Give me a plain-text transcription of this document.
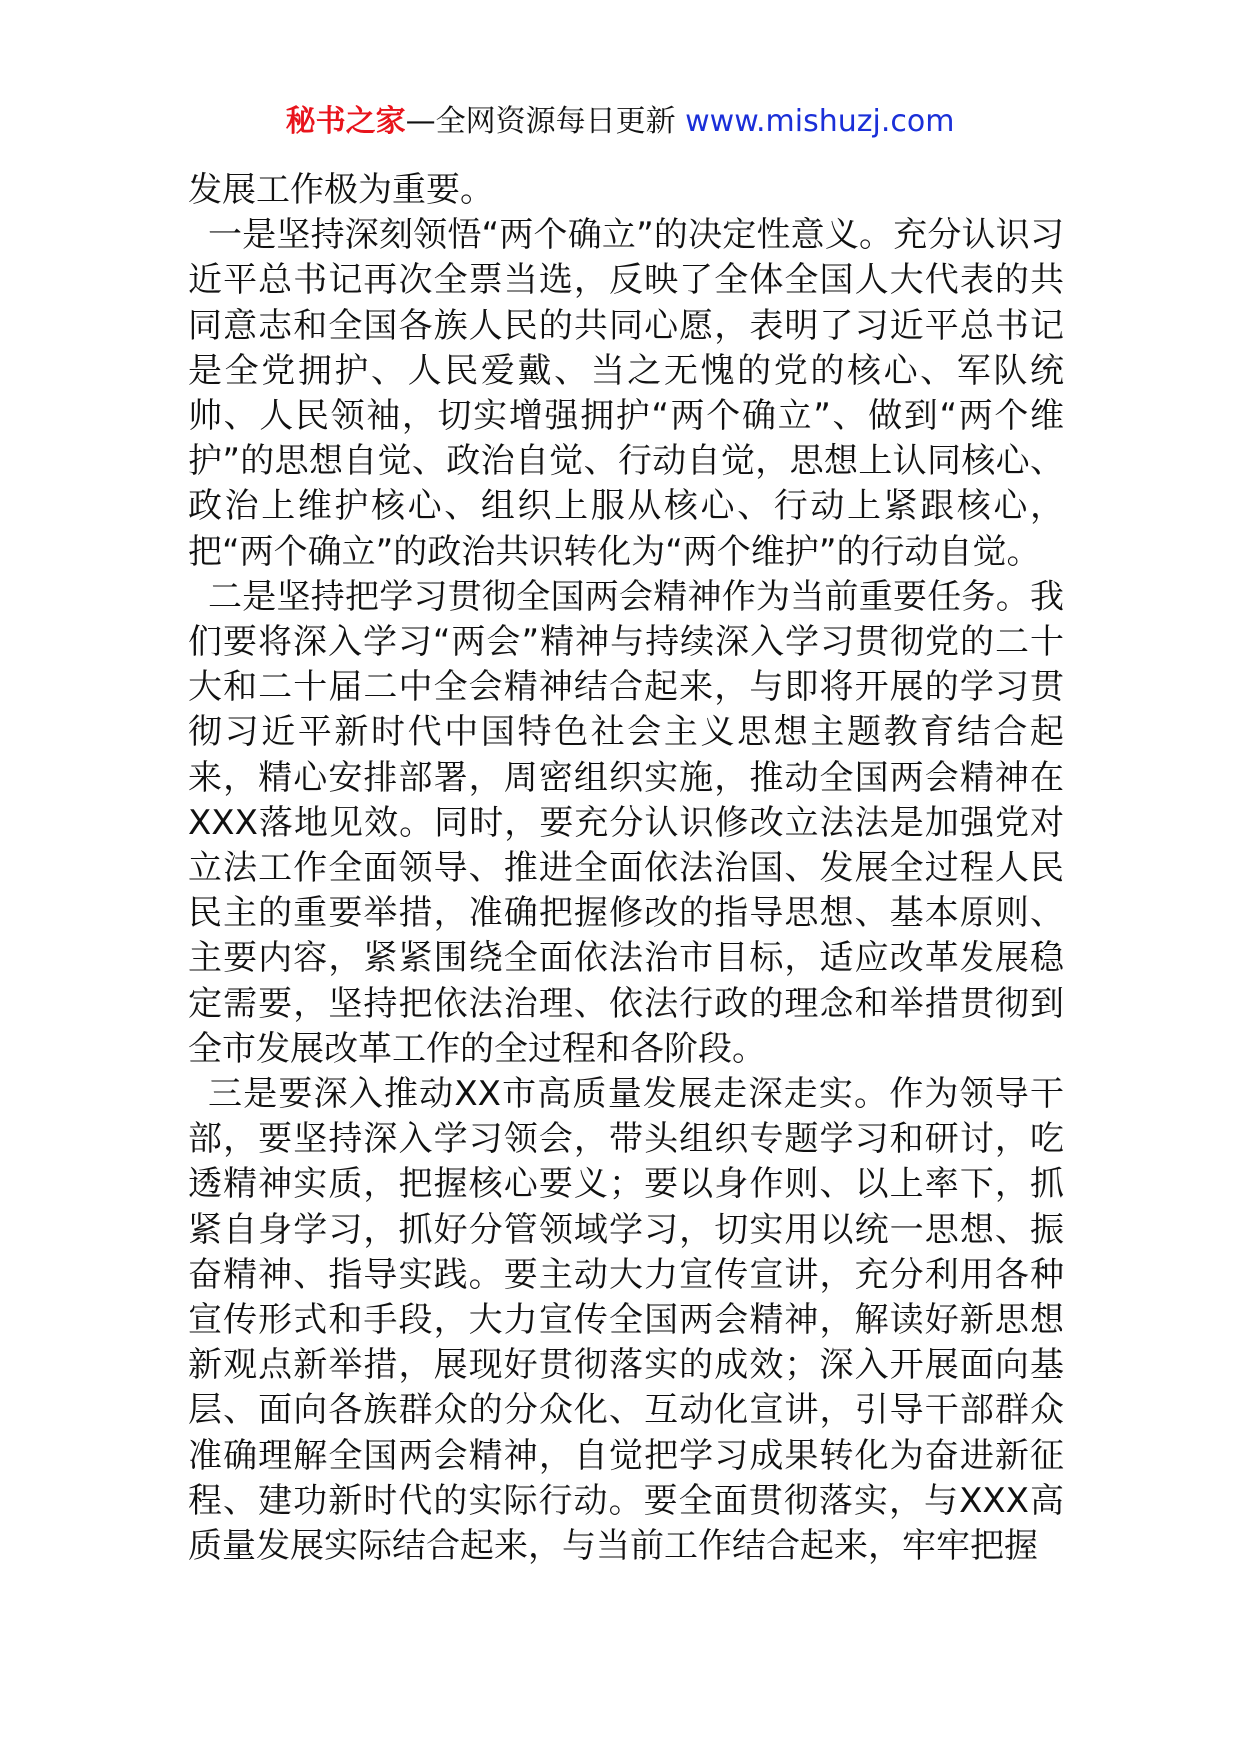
秘书之家—全网资源每日更新 www.mishuzj.com

发展工作极为重要。

一是坚持深刻领悟“两个确立”的决定性意义。充分认识习近平总书记再次全票当选，反映了全体全国人大代表的共同意志和全国各族人民的共同心愿，表明了习近平总书记是全党拥护、人民爱戴、当之无愧的党的核心、军队统帅、人民领袖，切实增强拥护“两个确立”、做到“两个维护”的思想自觉、政治自觉、行动自觉，思想上认同核心、政治上维护核心、组织上服从核心、行动上紧跟核心，把“两个确立”的政治共识转化为“两个维护”的行动自觉。

二是坚持把学习贯彻全国两会精神作为当前重要任务。我们要将深入学习“两会”精神与持续深入学习贯彻党的二十大和二十届二中全会精神结合起来，与即将开展的学习贯彻习近平新时代中国特色社会主义思想主题教育结合起来，精心安排部署，周密组织实施，推动全国两会精神在XXX落地见效。同时，要充分认识修改立法法是加强党对立法工作全面领导、推进全面依法治国、发展全过程人民民主的重要举措，准确把握修改的指导思想、基本原则、主要内容，紧紧围绕全面依法治市目标，适应改革发展稳定需要，坚持把依法治理、依法行政的理念和举措贯彻到全市发展改革工作的全过程和各阶段。

三是要深入推动XX市高质量发展走深走实。作为领导干部，要坚持深入学习领会，带头组织专题学习和研讨，吃透精神实质，把握核心要义；要以身作则、以上率下，抓紧自身学习，抓好分管领域学习，切实用以统一思想、振奋精神、指导实践。要主动大力宣传宣讲，充分利用各种宣传形式和手段，大力宣传全国两会精神，解读好新思想新观点新举措，展现好贯彻落实的成效；深入开展面向基层、面向各族群众的分众化、互动化宣讲，引导干部群众准确理解全国两会精神，自觉把学习成果转化为奋进新征程、建功新时代的实际行动。要全面贯彻落实，与XXX高质量发展实际结合起来，与当前工作结合起来，牢牢把握
